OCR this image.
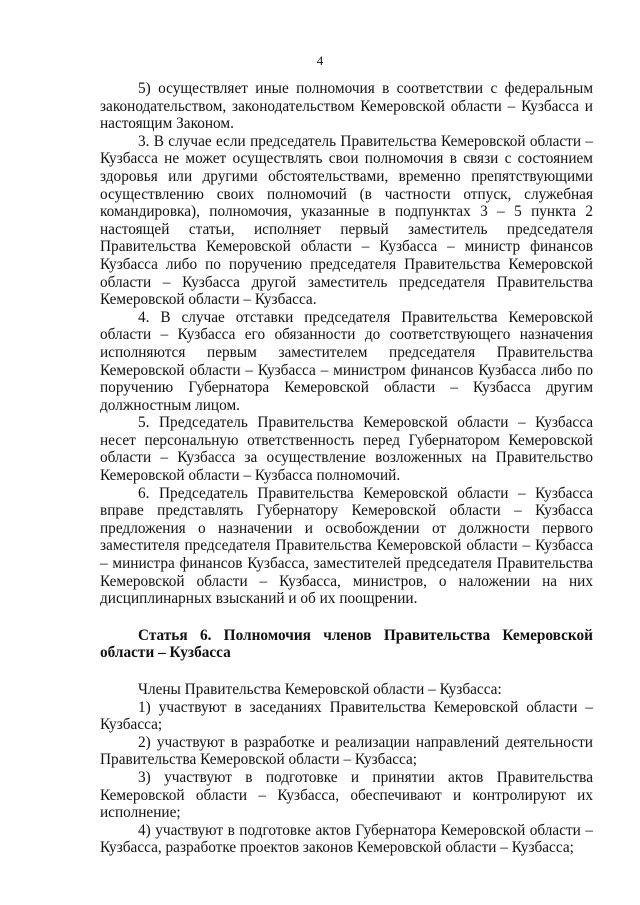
4

5) осуществляет иные полномочия в соответствии с федеральным законодательством, законодательством Кемеровской области – Кузбасса и настоящим Законом.

3. В случае если председатель Правительства Кемеровской области – Кузбасса не может осуществлять свои полномочия в связи с состоянием здоровья или другими обстоятельствами, временно препятствующими осуществлению своих полномочий (в частности отпуск, служебная командировка), полномочия, указанные в подпунктах 3 – 5 пункта 2 настоящей статьи, исполняет первый заместитель председателя Правительства Кемеровской области – Кузбасса – министр финансов Кузбасса либо по поручению председателя Правительства Кемеровской области – Кузбасса другой заместитель председателя Правительства Кемеровской области – Кузбасса.

4. В случае отставки председателя Правительства Кемеровской области – Кузбасса его обязанности до соответствующего назначения исполняются первым заместителем председателя Правительства Кемеровской области – Кузбасса – министром финансов Кузбасса либо по поручению Губернатора Кемеровской области – Кузбасса другим должностным лицом.

5. Председатель Правительства Кемеровской области – Кузбасса несет персональную ответственность перед Губернатором Кемеровской области – Кузбасса за осуществление возложенных на Правительство Кемеровской области – Кузбасса полномочий.

6. Председатель Правительства Кемеровской области – Кузбасса вправе представлять Губернатору Кемеровской области – Кузбасса предложения о назначении и освобождении от должности первого заместителя председателя Правительства Кемеровской области – Кузбасса – министра финансов Кузбасса, заместителей председателя Правительства Кемеровской области – Кузбасса, министров, о наложении на них дисциплинарных взысканий и об их поощрении.

Статья 6. Полномочия членов Правительства Кемеровской области – Кузбасса

Члены Правительства Кемеровской области – Кузбасса:

1) участвуют в заседаниях Правительства Кемеровской области – Кузбасса;

2) участвуют в разработке и реализации направлений деятельности Правительства Кемеровской области – Кузбасса;

3) участвуют в подготовке и принятии актов Правительства Кемеровской области – Кузбасса, обеспечивают и контролируют их исполнение;

4) участвуют в подготовке актов Губернатора Кемеровской области – Кузбасса, разработке проектов законов Кемеровской области – Кузбасса;
